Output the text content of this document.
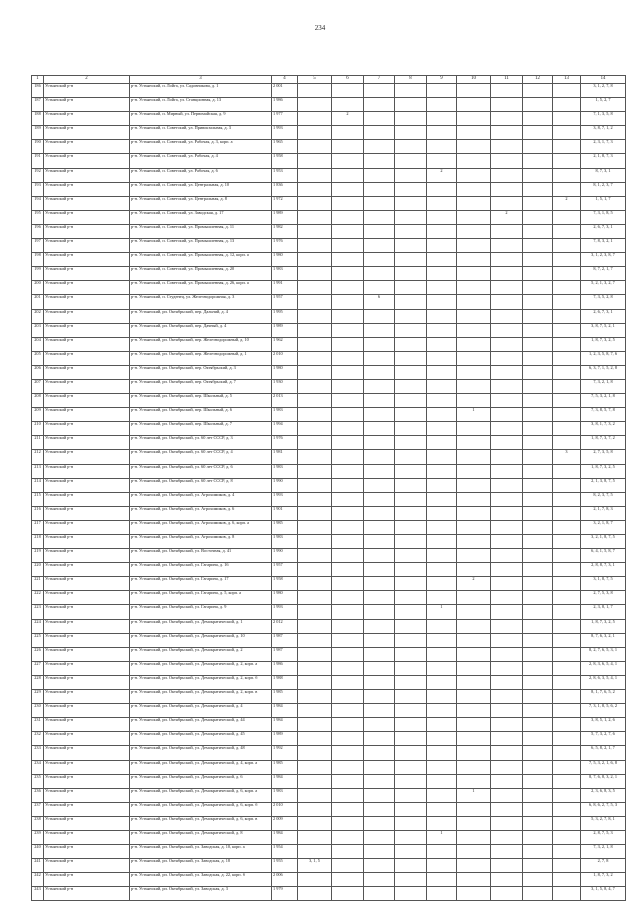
234
1	2	3	4	5	6	7	8	9	10	11	12	13	14
186	Устьянский р-н	р-н. Устьянский, п. Лойга, ул. Садовникова, д. 1	2 001										3, 1, 2, 7, 8
187	Устьянский р-н	р-н. Устьянский, п. Лойга, ул. Станционная, д. 13	1 986										1, 5, 2, 7
188	Устьянский р-н	р-н. Устьянский, п. Мирный, ул. Первомайская, д. 9	1 977		2								7, 1, 3, 5, 8
189	Устьянский р-н	р-н. Устьянский, п. Советский, ул. Привокзальная, д. 3	1 993										3, 8, 7, 1, 2
190	Устьянский р-н	р-н. Устьянский, п. Советский, ул. Рабочая, д. 3, корп. а	1 965										2, 3, 1, 7, 3
191	Устьянский р-н	р-н. Устьянский, п. Советский, ул. Рабочая, д. 4	1 958										2, 1, 8, 7, 3
192	Устьянский р-н	р-н. Устьянский, п. Советский, ул. Рабочая, д. 6	1 953					2					8, 7, 3, 1
193	Устьянский р-н	р-н. Устьянский, п. Советский, ул. Центральная, д. 10	1 836										8, 1, 2, 3, 7
194	Устьянский р-н	р-н. Устьянский, п. Советский, ул. Центральная, д. 8	1 972									2	1, 5, 1, 7
195	Устьянский р-н	р-н. Устьянский, п. Советский, ул. Заводская, д. 17	1 989							2			7, 3, 1, 8, 5
196	Устьянский р-н	р-н. Устьянский, п. Советский, ул. Промышленная, д. 11	1 982										2, 6, 7, 3, 1
197	Устьянский р-н	р-н. Устьянский, п. Советский, ул. Промышленная, д. 13	1 976										7, 8, 3, 2, 1
198	Устьянский р-н	р-н. Устьянский, п. Советский, ул. Промышленная, д. 12, корп. а	1 980										3, 1, 2, 3, 8, 7
199	Устьянский р-н	р-н. Устьянский, п. Советский, ул. Промышленная, д. 20	1 983										8, 7, 2, 1, 7
200	Устьянский р-н	р-н. Устьянский, п. Советский, ул. Промышленная, д. 26, корп. а	1 991										5, 2, 1, 3, 2, 7
201	Устьянский р-н	р-н. Устьянский, п. Студенец, ул. Железнодорожная, д. 3	1 957			6							7, 3, 5, 2, 8
202	Устьянский р-н	р-н. Устьянский, рп. Октябрьский, пер. Дальний, д. 4	1 995										2, 6, 7, 3, 1
203	Устьянский р-н	р-н. Устьянский, рп. Октябрьский, пер. Дачный, д. 4	1 989										3, 8, 7, 5, 2, 1
204	Устьянский р-н	р-н. Устьянский, рп. Октябрьский, пер. Железнодорожный, д. 10	1 962										1, 8, 7, 3, 2, 5
205	Устьянский р-н	р-н. Устьянский, рп. Октябрьский, пер. Железнодорожный, д. 1	2 010										1, 2, 3, 5, 8, 7, 6
206	Устьянский р-н	р-н. Устьянский, рп. Октябрьский, пер. Октябрьский, д. 3	1 980										6, 3, 7, 1, 5, 2, 8
207	Устьянский р-н	р-н. Устьянский, рп. Октябрьский, пер. Октябрьский, д. 7	1 930										7, 3, 2, 1, 8
208	Устьянский р-н	р-н. Устьянский, рп. Октябрьский, пер. Школьный, д. 5	2 013										7, 5, 3, 2, 1, 8
209	Устьянский р-н	р-н. Устьянский, рп. Октябрьский, пер. Школьный, д. 6	1 983						1				7, 3, 8, 5, 7, 8
210	Устьянский р-н	р-н. Устьянский, рп. Октябрьский, пер. Школьный, д. 7	1 994										3, 8, 1, 7, 3, 2
211	Устьянский р-н	р-н. Устьянский, рп. Октябрьский, ул. 60 лет СССР, д. 3	1 976										1, 8, 7, 3, 7, 2
212	Устьянский р-н	р-н. Устьянский, рп. Октябрьский, ул. 60 лет СССР, д. 4	1 981									3	2, 7, 3, 5, 8
213	Устьянский р-н	р-н. Устьянский, рп. Октябрьский, ул. 60 лет СССР, д. 6	1 983										1, 8, 7, 3, 2, 5
214	Устьянский р-н	р-н. Устьянский, рп. Октябрьский, ул. 60 лет СССР, д. 8	1 990										2, 1, 3, 8, 7, 5
215	Устьянский р-н	р-н. Устьянский, рп. Октябрьский, ул. Агрохимиков, д. 4	1 993										8, 2, 3, 7, 5
216	Устьянский р-н	р-н. Устьянский, рп. Октябрьский, ул. Агрохимиков, д. 6	1 901										2, 1, 7, 8, 3
217	Устьянский р-н	р-н. Устьянский, рп. Октябрьский, ул. Агрохимиков, д. 6, корп. а	1 985										3, 2, 1, 8, 7
218	Устьянский р-н	р-н. Устьянский, рп. Октябрьский, ул. Агрохимиков, д. 8	1 983										3, 2, 1, 8, 7, 5
219	Устьянский р-н	р-н. Устьянский, рп. Октябрьский, ул. Восточная, д. 41	1 990										6, 4, 1, 5, 8, 7
220	Устьянский р-н	р-н. Устьянский, рп. Октябрьский, ул. Гагарина, д. 16	1 957										2, 8, 8, 7, 3, 1
221	Устьянский р-н	р-н. Устьянский, рп. Октябрьский, ул. Гагарина, д. 17	1 958						2				3, 1, 8, 7, 5
222	Устьянский р-н	р-н. Устьянский, рп. Октябрьский, ул. Гагарина, д. 5, корп. а	1 980										2, 7, 5, 3, 8
223	Устьянский р-н	р-н. Устьянский, рп. Октябрьский, ул. Гагарина, д. 9	1 993					1					2, 3, 8, 1, 7
224	Устьянский р-н	р-н. Устьянский, рп. Октябрьский, ул. Демократический, д. 1	2 012										1, 8, 7, 3, 2, 5
225	Устьянский р-н	р-н. Устьянский, рп. Октябрьский, ул. Демократический, д. 10	1 987										8, 7, 6, 3, 2, 1
226	Устьянский р-н	р-н. Устьянский, рп. Октябрьский, ул. Демократический, д. 2	1 987										8, 2, 7, 6, 5, 3, 1
227	Устьянский р-н	р-н. Устьянский, рп. Октябрьский, ул. Демократический, д. 2, корп. а	1 986										2, 8, 3, 6, 5, 4, 1
228	Устьянский р-н	р-н. Устьянский, рп. Октябрьский, ул. Демократический, д. 2, корп. б	1 988										2, 8, 6, 3, 5, 4, 1
229	Устьянский р-н	р-н. Устьянский, рп. Октябрьский, ул. Демократический, д. 2, корп. в	1 985										8, 1, 7, 6, 5, 2
230	Устьянский р-н	р-н. Устьянский, рп. Октябрьский, ул. Демократический, д. 4	1 984										7, 3, 1, 8, 5, 6, 2
231	Устьянский р-н	р-н. Устьянский, рп. Октябрьский, ул. Демократический, д. 44	1 984										3, 8, 5, 1, 2, 6
232	Устьянский р-н	р-н. Устьянский, рп. Октябрьский, ул. Демократический, д. 45	1 989										5, 7, 3, 2, 7, 6
233	Устьянский р-н	р-н. Устьянский, рп. Октябрьский, ул. Демократический, д. 48	1 992										6, 5, 8, 2, 1, 7
234	Устьянский р-н	р-н. Устьянский, рп. Октябрьский, ул. Демократический, д. 4, корп. а	1 985										7, 5, 3, 2, 1, 6, 8
235	Устьянский р-н	р-н. Устьянский, рп. Октябрьский, ул. Демократический, д. 6	1 984										8, 7, 6, 8, 3, 2, 1
236	Устьянский р-н	р-н. Устьянский, рп. Октябрьский, ул. Демократический, д. 6, корп. а	1 983						1				2, 3, 6, 8, 3, 5
237	Устьянский р-н	р-н. Устьянский, рп. Октябрьский, ул. Демократический, д. 6, корп. б	2 010										6, 8, 6, 2, 7, 5, 3
238	Устьянский р-н	р-н. Устьянский, рп. Октябрьский, ул. Демократический, д. 6, корп. в	2 009										5, 3, 2, 7, 8, 1
239	Устьянский р-н	р-н. Устьянский, рп. Октябрьский, ул. Демократический, д. 8	1 984					1					2, 8, 7, 5, 3
240	Устьянский р-н	р-н. Устьянский, рп. Октябрьский, ул. Заводская, д. 10, корп. а	1 954										7, 3, 2, 1, 8
241	Устьянский р-н	р-н. Устьянский, рп. Октябрьский, ул. Заводская, д. 18	1 955	3, 1, 5									2, 7, 8
242	Устьянский р-н	р-н. Устьянский, рп. Октябрьский, ул. Заводская, д. 22, корп. б	2 006										1, 8, 7, 3, 2
243	Устьянский р-н	р-н. Устьянский, рп. Октябрьский, ул. Заводская, д. 3	1 979										3, 1, 5, 8, 4, 7
